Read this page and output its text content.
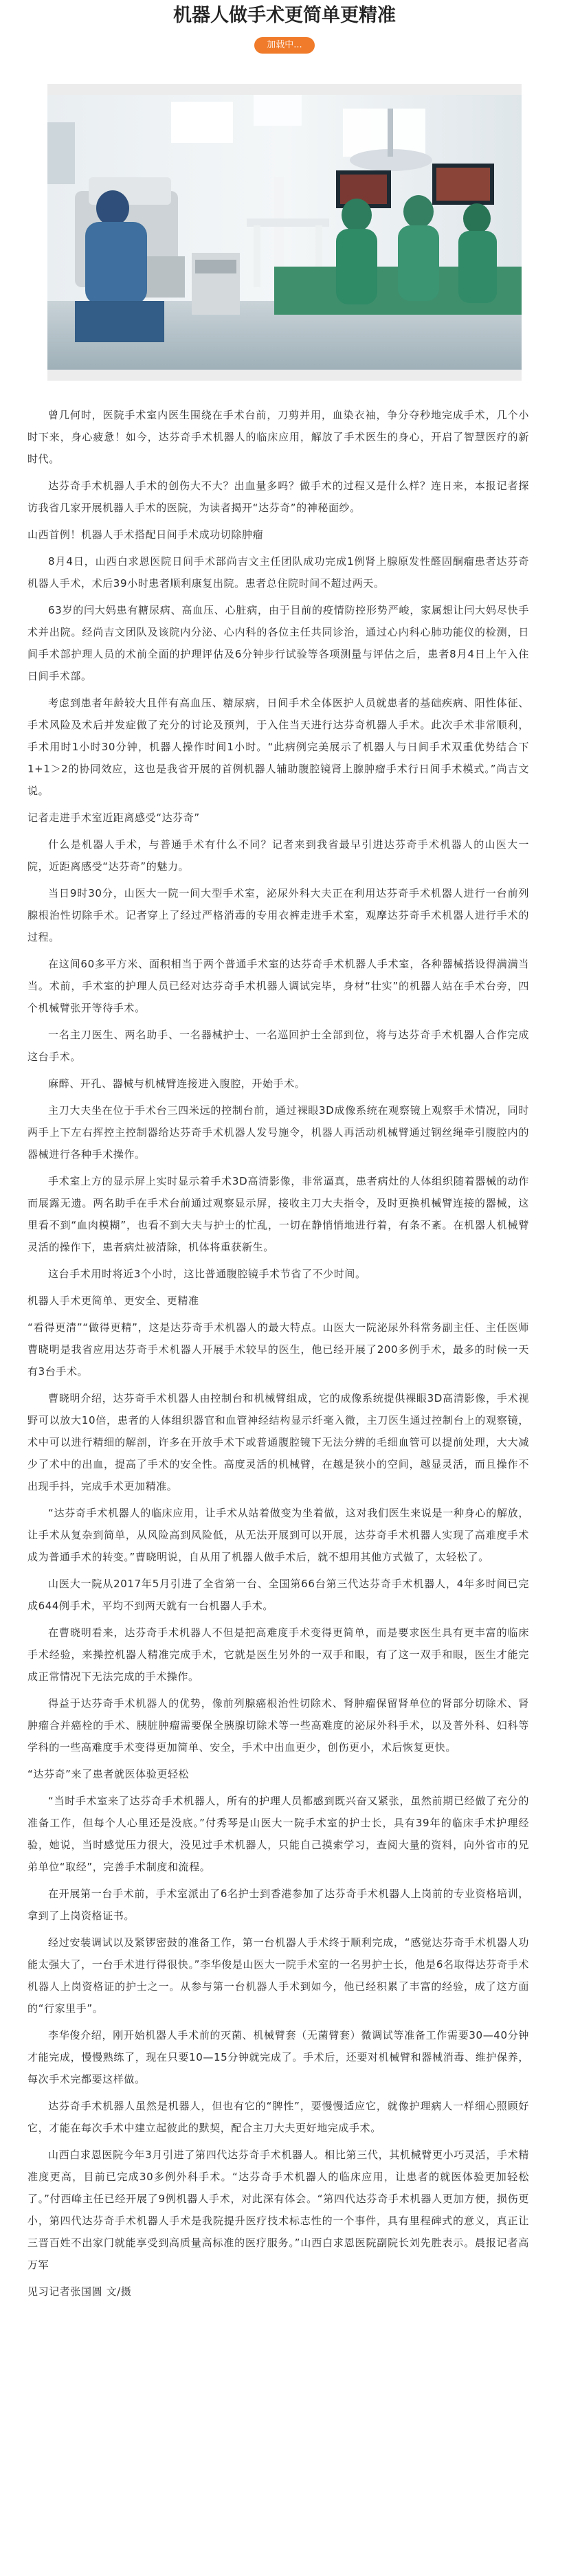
机器人做手术更简单更精准
加载中...

曾几何时，医院手术室内医生围绕在手术台前，刀剪并用，血染衣袖，争分夺秒地完成手术，几个小时下来，身心疲惫！如今，达芬奇手术机器人的临床应用，解放了手术医生的身心，开启了智慧医疗的新时代。

达芬奇手术机器人手术的创伤大不大？出血量多吗？做手术的过程又是什么样？连日来，本报记者探访我省几家开展机器人手术的医院，为读者揭开“达芬奇”的神秘面纱。

山西首例！机器人手术搭配日间手术成功切除肿瘤

8月4日，山西白求恩医院日间手术部尚吉文主任团队成功完成1例肾上腺原发性醛固酮瘤患者达芬奇机器人手术，术后39小时患者顺利康复出院。患者总住院时间不超过两天。

63岁的闫大妈患有糖尿病、高血压、心脏病，由于目前的疫情防控形势严峻，家属想让闫大妈尽快手术并出院。经尚吉文团队及该院内分泌、心内科的各位主任共同诊治，通过心内科心肺功能仪的检测，日间手术部护理人员的术前全面的护理评估及6分钟步行试验等各项测量与评估之后，患者8月4日上午入住日间手术部。

考虑到患者年龄较大且伴有高血压、糖尿病，日间手术全体医护人员就患者的基础疾病、阳性体征、手术风险及术后并发症做了充分的讨论及预判，于入住当天进行达芬奇机器人手术。此次手术非常顺利，手术用时1小时30分钟，机器人操作时间1小时。“此病例完美展示了机器人与日间手术双重优势结合下1+1＞2的协同效应，这也是我省开展的首例机器人辅助腹腔镜肾上腺肿瘤手术行日间手术模式。”尚吉文说。

记者走进手术室近距离感受“达芬奇”

什么是机器人手术，与普通手术有什么不同？记者来到我省最早引进达芬奇手术机器人的山医大一院，近距离感受“达芬奇”的魅力。

当日9时30分，山医大一院一间大型手术室，泌尿外科大夫正在利用达芬奇手术机器人进行一台前列腺根治性切除手术。记者穿上了经过严格消毒的专用衣裤走进手术室，观摩达芬奇手术机器人进行手术的过程。

在这间60多平方米、面积相当于两个普通手术室的达芬奇手术机器人手术室，各种器械搭设得满满当当。术前，手术室的护理人员已经对达芬奇手术机器人调试完毕，身材“壮实”的机器人站在手术台旁，四个机械臂张开等待手术。

一名主刀医生、两名助手、一名器械护士、一名巡回护士全部到位，将与达芬奇手术机器人合作完成这台手术。

麻醉、开孔、器械与机械臂连接进入腹腔，开始手术。

主刀大夫坐在位于手术台三四米远的控制台前，通过裸眼3D成像系统在观察镜上观察手术情况，同时两手上下左右挥控主控制器给达芬奇手术机器人发号施令，机器人再活动机械臂通过钢丝绳牵引腹腔内的器械进行各种手术操作。

手术室上方的显示屏上实时显示着手术3D高清影像，非常逼真，患者病灶的人体组织随着器械的动作而展露无遗。两名助手在手术台前通过观察显示屏，接收主刀大夫指令，及时更换机械臂连接的器械，这里看不到“血肉模糊”，也看不到大夫与护士的忙乱，一切在静悄悄地进行着，有条不紊。在机器人机械臂灵活的操作下，患者病灶被清除，机体将重获新生。

这台手术用时将近3个小时，这比普通腹腔镜手术节省了不少时间。

机器人手术更简单、更安全、更精准

“看得更清”“做得更精”，这是达芬奇手术机器人的最大特点。山医大一院泌尿外科常务副主任、主任医师曹晓明是我省应用达芬奇手术机器人开展手术较早的医生，他已经开展了200多例手术，最多的时候一天有3台手术。

曹晓明介绍，达芬奇手术机器人由控制台和机械臂组成，它的成像系统提供裸眼3D高清影像，手术视野可以放大10倍，患者的人体组织器官和血管神经结构显示纤毫入微，主刀医生通过控制台上的观察镜，术中可以进行精细的解剖，许多在开放手术下或普通腹腔镜下无法分辨的毛细血管可以提前处理，大大减少了术中的出血，提高了手术的安全性。高度灵活的机械臂，在越是狭小的空间，越显灵活，而且操作不出现手抖，完成手术更加精准。

“达芬奇手术机器人的临床应用，让手术从站着做变为坐着做，这对我们医生来说是一种身心的解放，让手术从复杂到简单，从风险高到风险低，从无法开展到可以开展，达芬奇手术机器人实现了高难度手术成为普通手术的转变。”曹晓明说，自从用了机器人做手术后，就不想用其他方式做了，太轻松了。

山医大一院从2017年5月引进了全省第一台、全国第66台第三代达芬奇手术机器人，4年多时间已完成644例手术，平均不到两天就有一台机器人手术。

在曹晓明看来，达芬奇手术机器人不但是把高难度手术变得更简单，而是要求医生具有更丰富的临床手术经验，来操控机器人精准完成手术，它就是医生另外的一双手和眼，有了这一双手和眼，医生才能完成正常情况下无法完成的手术操作。

得益于达芬奇手术机器人的优势，像前列腺癌根治性切除术、肾肿瘤保留肾单位的肾部分切除术、肾肿瘤合并癌栓的手术、胰脏肿瘤需要保全胰腺切除术等一些高难度的泌尿外科手术，以及普外科、妇科等学科的一些高难度手术变得更加简单、安全，手术中出血更少，创伤更小，术后恢复更快。

“达芬奇”来了患者就医体验更轻松

“当时手术室来了达芬奇手术机器人，所有的护理人员都感到既兴奋又紧张，虽然前期已经做了充分的准备工作，但每个人心里还是没底。”付秀琴是山医大一院手术室的护士长，具有39年的临床手术护理经验，她说，当时感觉压力很大，没见过手术机器人，只能自己摸索学习，查阅大量的资料，向外省市的兄弟单位“取经”，完善手术制度和流程。

在开展第一台手术前，手术室派出了6名护士到香港参加了达芬奇手术机器人上岗前的专业资格培训，拿到了上岗资格证书。

经过安装调试以及紧锣密鼓的准备工作，第一台机器人手术终于顺利完成，“感觉达芬奇手术机器人功能太强大了，一台手术进行得很快。”李华俊是山医大一院手术室的一名男护士长，他是6名取得达芬奇手术机器人上岗资格证的护士之一。从参与第一台机器人手术到如今，他已经积累了丰富的经验，成了这方面的“行家里手”。

李华俊介绍，刚开始机器人手术前的灭菌、机械臂套（无菌臂套）微调试等准备工作需要30—40分钟才能完成，慢慢熟练了，现在只要10—15分钟就完成了。手术后，还要对机械臂和器械消毒、维护保养，每次手术完都要这样做。

达芬奇手术机器人虽然是机器人，但也有它的“脾性”，要慢慢适应它，就像护理病人一样细心照顾好它，才能在每次手术中建立起彼此的默契，配合主刀大夫更好地完成手术。

山西白求恩医院今年3月引进了第四代达芬奇手术机器人。相比第三代，其机械臂更小巧灵活，手术精准度更高，目前已完成30多例外科手术。“达芬奇手术机器人的临床应用，让患者的就医体验更加轻松了。”付西峰主任已经开展了9例机器人手术，对此深有体会。“第四代达芬奇手术机器人更加方便，损伤更小，第四代达芬奇手术机器人手术是我院提升医疗技术标志性的一个事件，具有里程碑式的意义，真正让三晋百姓不出家门就能享受到高质量高标准的医疗服务。”山西白求恩医院副院长刘先胜表示。晨报记者高万军

见习记者张国圆 文/摄
